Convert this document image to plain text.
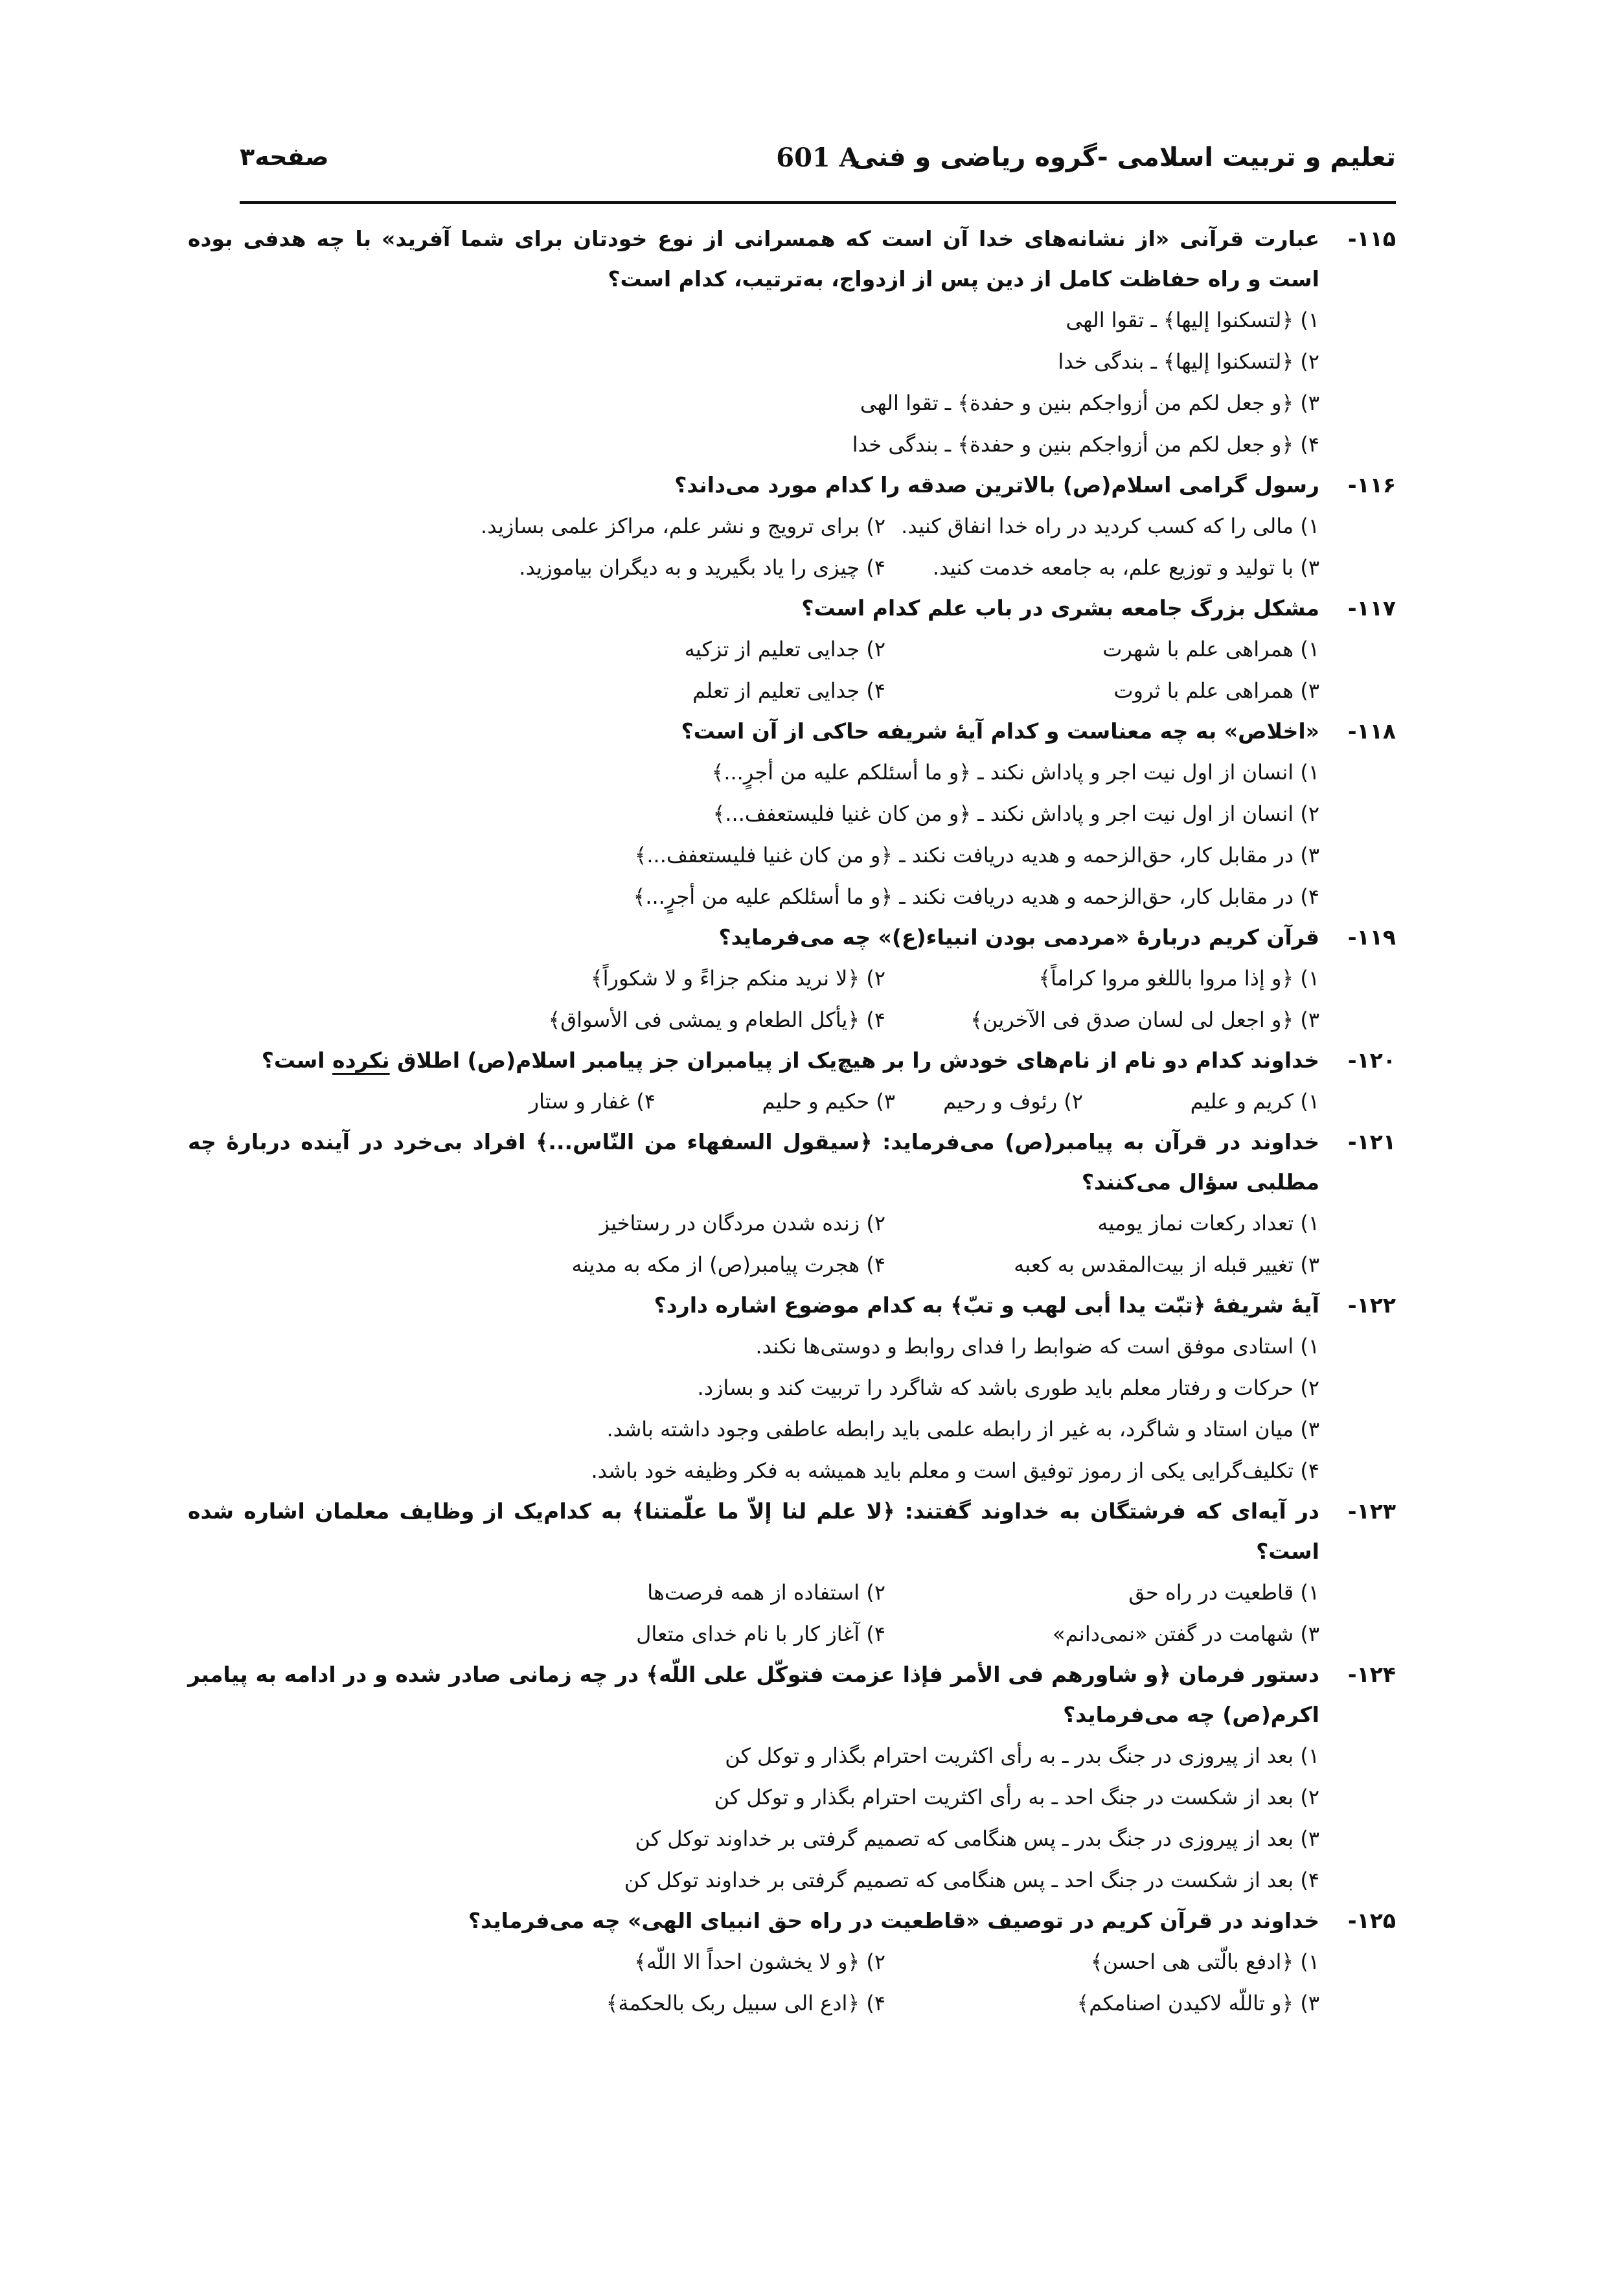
تعلیم و تربیت اسلامی -گروه ریاضی و فنی
601 A
صفحه۳
۱۱۵-
عبارت قرآنی «از نشانه‌های خدا آن است که همسرانی از نوع خودتان برای شما آفرید» با چه هدفی بوده است و راه حفاظت کامل از دین پس از ازدواج، به‌ترتیب، کدام است؟
۱) ﴿لتسکنوا إلیها﴾ ـ تقوا الهی
۲) ﴿لتسکنوا إلیها﴾ ـ بندگی خدا
۳) ﴿و جعل لکم من أزواجکم بنین و حفدة﴾ ـ تقوا الهی
۴) ﴿و جعل لکم من أزواجکم بنین و حفدة﴾ ـ بندگی خدا
۱۱۶-
رسول گرامی اسلام(ص) بالاترین صدقه را کدام مورد می‌داند؟
۱) مالی را که کسب کردید در راه خدا انفاق کنید.
۲) برای ترویج و نشر علم، مراکز علمی بسازید.
۳) با تولید و توزیع علم، به جامعه خدمت کنید.
۴) چیزی را یاد بگیرید و به دیگران بیاموزید.
۱۱۷-
مشکل بزرگ جامعه بشری در باب علم کدام است؟
۱) همراهی علم با شهرت
۲) جدایی تعلیم از تزکیه
۳) همراهی علم با ثروت
۴) جدایی تعلیم از تعلم
۱۱۸-
«اخلاص» به چه معناست و کدام آیهٔ شریفه حاکی از آن است؟
۱) انسان از اول نیت اجر و پاداش نکند ـ ﴿و ما أسئلکم علیه من أجرٍ...﴾
۲) انسان از اول نیت اجر و پاداش نکند ـ ﴿و من کان غنیا فلیستعفف...﴾
۳) در مقابل کار، حق‌الزحمه و هدیه دریافت نکند ـ ﴿و من کان غنیا فلیستعفف...﴾
۴) در مقابل کار، حق‌الزحمه و هدیه دریافت نکند ـ ﴿و ما أسئلکم علیه من أجرٍ...﴾
۱۱۹-
قرآن کریم دربارهٔ «مردمی بودن انبیاء(ع)» چه می‌فرماید؟
۱) ﴿و إذا مروا باللغو مروا کراماً﴾
۲) ﴿لا نرید منکم جزاءً و لا شکوراً﴾
۳) ﴿و اجعل لی لسان صدق فی الآخرین﴾
۴) ﴿یأکل الطعام و یمشی فی الأسواق﴾
۱۲۰-
خداوند کدام دو نام از نام‌های خودش را بر هیچ‌یک از پیامبران جز پیامبر اسلام(ص) اطلاق نکرده است؟
۱) کریم و علیم
۲) رئوف و رحیم
۳) حکیم و حلیم
۴) غفار و ستار
۱۲۱-
خداوند در قرآن به پیامبر(ص) می‌فرماید: ﴿سیقول السفهاء من النّاس...﴾ افراد بی‌خرد در آینده دربارهٔ چه مطلبی سؤال می‌کنند؟
۱) تعداد رکعات نماز یومیه
۲) زنده شدن مردگان در رستاخیز
۳) تغییر قبله از بیت‌المقدس به کعبه
۴) هجرت پیامبر(ص) از مکه به مدینه
۱۲۲-
آیهٔ شریفهٔ ﴿تبّت یدا أبی لهب و تبّ﴾ به کدام موضوع اشاره دارد؟
۱) استادی موفق است که ضوابط را فدای روابط و دوستی‌ها نکند.
۲) حرکات و رفتار معلم باید طوری باشد که شاگرد را تربیت کند و بسازد.
۳) میان استاد و شاگرد، به غیر از رابطه علمی باید رابطه عاطفی وجود داشته باشد.
۴) تکلیف‌گرایی یکی از رموز توفیق است و معلم باید همیشه به فکر وظیفه خود باشد.
۱۲۳-
در آیه‌ای که فرشتگان به خداوند گفتند: ﴿لا علم لنا إلاّ ما علّمتنا﴾ به کدام‌یک از وظایف معلمان اشاره شده است؟
۱) قاطعیت در راه حق
۲) استفاده از همه فرصت‌ها
۳) شهامت در گفتن «نمی‌دانم»
۴) آغاز کار با نام خدای متعال
۱۲۴-
دستور فرمان ﴿و شاورهم فی الأمر فإذا عزمت فتوکّل علی اللّه﴾ در چه زمانی صادر شده و در ادامه به پیامبر اکرم(ص) چه می‌فرماید؟
۱) بعد از پیروزی در جنگ بدر ـ به رأی اکثریت احترام بگذار و توکل کن
۲) بعد از شکست در جنگ احد ـ به رأی اکثریت احترام بگذار و توکل کن
۳) بعد از پیروزی در جنگ بدر ـ پس هنگامی که تصمیم گرفتی بر خداوند توکل کن
۴) بعد از شکست در جنگ احد ـ پس هنگامی که تصمیم گرفتی بر خداوند توکل کن
۱۲۵-
خداوند در قرآن کریم در توصیف «قاطعیت در راه حق انبیای الهی» چه می‌فرماید؟
۱) ﴿ادفع بالّتی هی احسن﴾
۲) ﴿و لا یخشون احداً الا اللّه﴾
۳) ﴿و تاللّه لاکیدن اصنامکم﴾
۴) ﴿ادع الی سبیل ربک بالحکمة﴾
